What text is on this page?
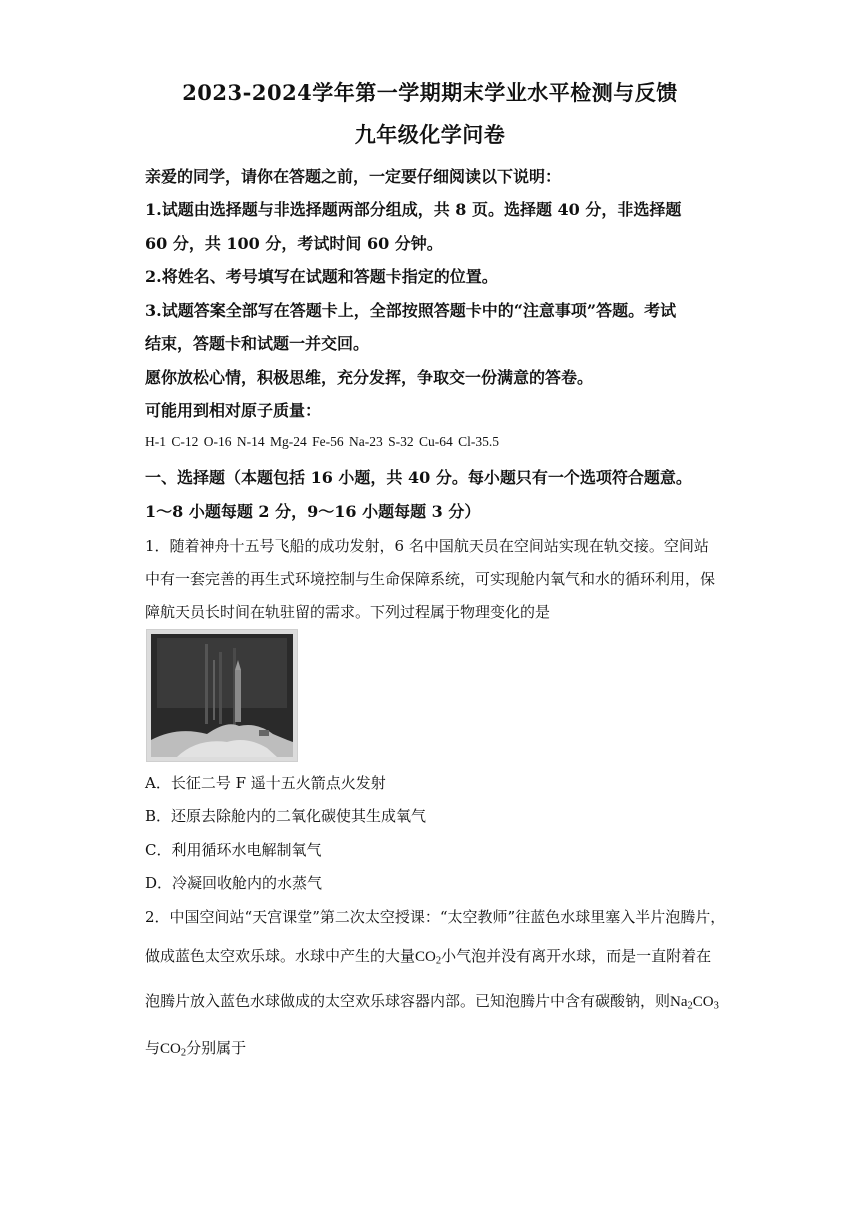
2023-2024学年第一学期期末学业水平检测与反馈
九年级化学问卷
亲爱的同学，请你在答题之前，一定要仔细阅读以下说明：
1.试题由选择题与非选择题两部分组成，共 8 页。选择题 40 分，非选择题
60 分，共 100 分，考试时间 60 分钟。
2.将姓名、考号填写在试题和答题卡指定的位置。
3.试题答案全部写在答题卡上，全部按照答题卡中的“注意事项”答题。考试
结束，答题卡和试题一并交回。
愿你放松心情，积极思维，充分发挥，争取交一份满意的答卷。
可能用到相对原子质量：
H-1 C-12 O-16 N-14 Mg-24 Fe-56 Na-23 S-32 Cu-64 Cl-35.5
一、选择题（本题包括 16 小题，共 40 分。每小题只有一个选项符合题意。
1～8 小题每题 2 分，9～16 小题每题 3 分）
1．随着神舟十五号飞船的成功发射，6 名中国航天员在空间站实现在轨交接。空间站
中有一套完善的再生式环境控制与生命保障系统，可实现舱内氧气和水的循环利用，保
障航天员长时间在轨驻留的需求。下列过程属于物理变化的是
A．长征二号 F 遥十五火箭点火发射
B．还原去除舱内的二氧化碳使其生成氧气
C．利用循环水电解制氧气
D．冷凝回收舱内的水蒸气
2．中国空间站“天宫课堂”第二次太空授课：“太空教师”往蓝色水球里塞入半片泡腾片，
做成蓝色太空欢乐球。水球中产生的大量$CO_2$小气泡并没有离开水球，而是一直附着在
泡腾片放入蓝色水球做成的太空欢乐球容器内部。已知泡腾片中含有碳酸钠，则$Na_2CO_3$
与$CO_2$分别属于
